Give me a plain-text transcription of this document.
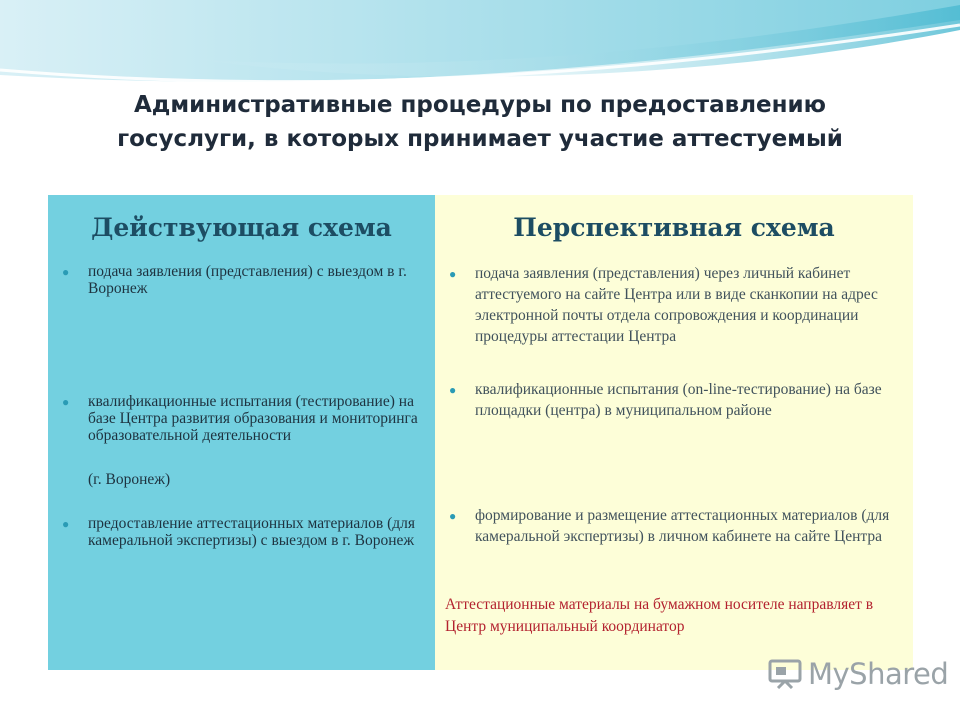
Административные процедуры по предоставлению
госуслуги, в которых принимает участие аттестуемый
Действующая схема
●	подача заявления (представления) с выездом в г. Воронеж
●	квалификационные испытания (тестирование) на базе Центра развития образования и мониторинга образовательной деятельности
(г. Воронеж)
●	предоставление аттестационных материалов (для камеральной экспертизы) с выездом в г. Воронеж
Перспективная схема
●	подача заявления (представления) через личный кабинет аттестуемого на сайте Центра или в виде сканкопии на адрес электронной почты отдела сопровождения и координации процедуры аттестации Центра
●	квалификационные испытания (on-line-тестирование) на базе площадки (центра) в муниципальном районе
●	формирование и размещение аттестационных материалов (для камеральной экспертизы) в личном кабинете на сайте Центра
Аттестационные материалы на бумажном носителе направляет в Центр муниципальный координатор
MyShared
